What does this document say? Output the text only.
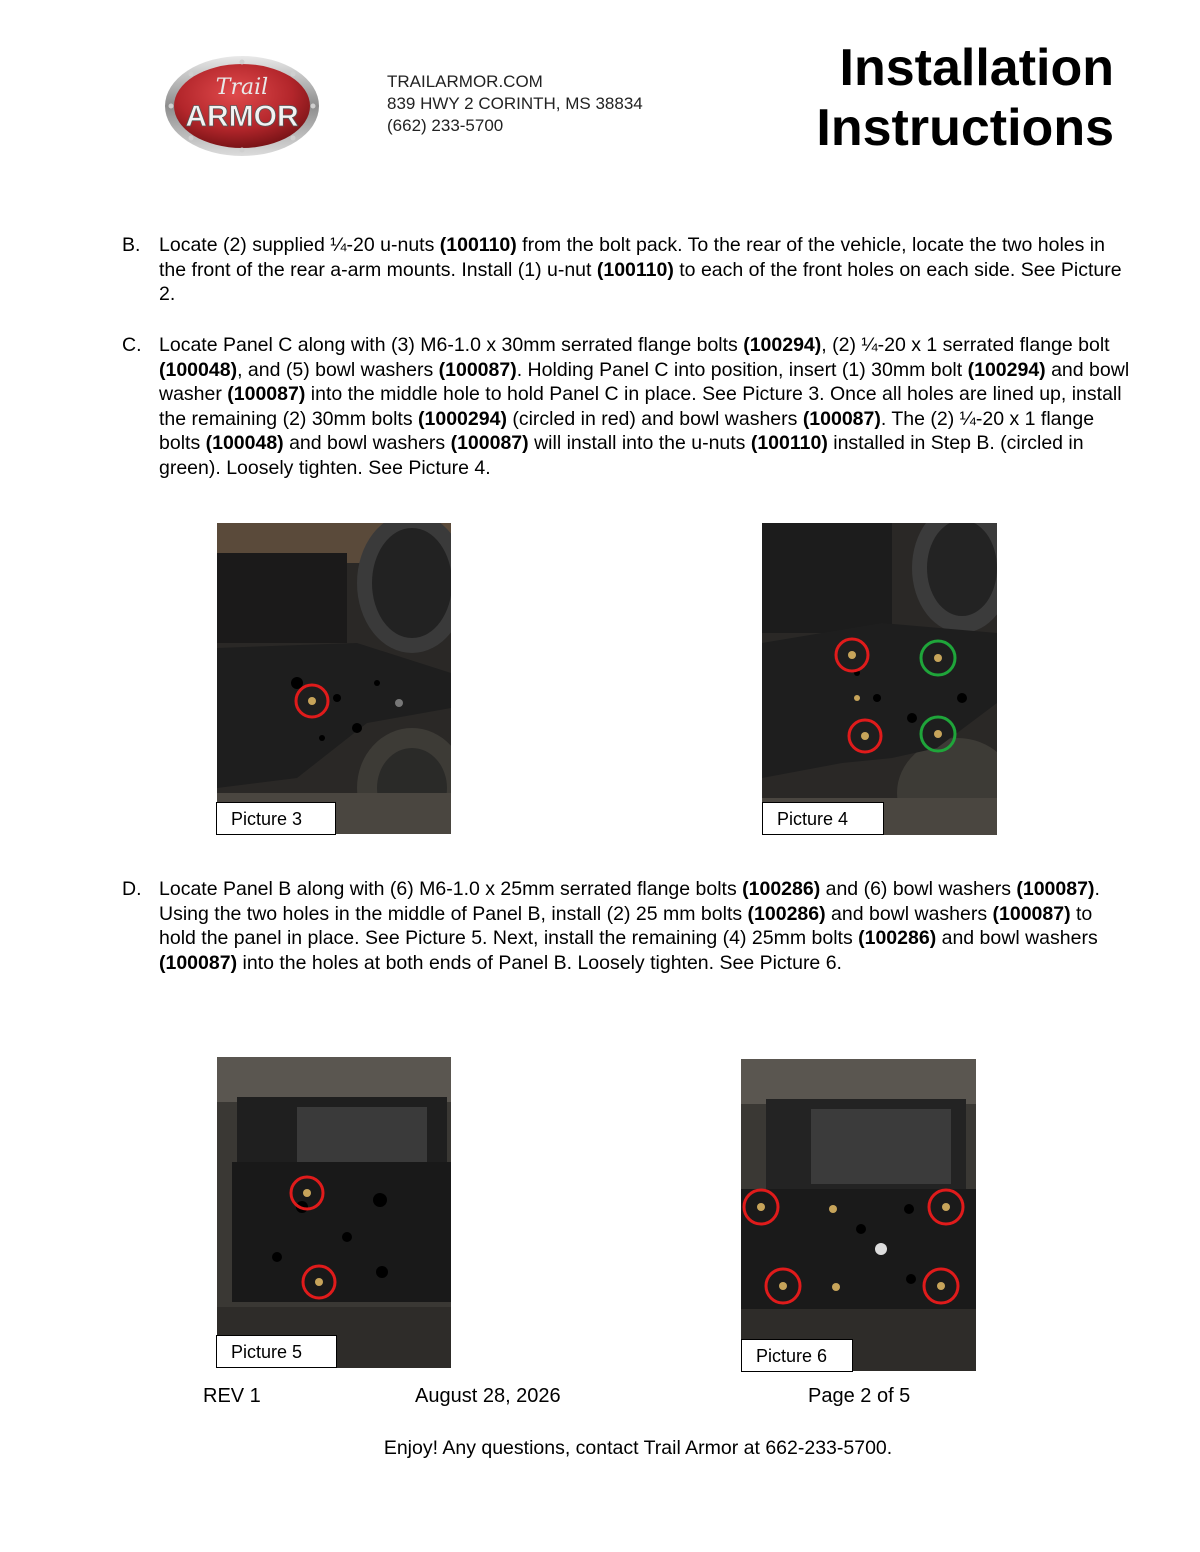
Trail
ARMOR
TRAILARMOR.COM
839 HWY 2 CORINTH, MS 38834
(662) 233-5700
Installation
Instructions
B. Locate (2) supplied ¼-20 u-nuts (100110) from the bolt pack. To the rear of the vehicle, locate the two holes in the front of the rear a-arm mounts. Install (1) u-nut (100110) to each of the front holes on each side. See Picture 2.
C. Locate Panel C along with (3) M6-1.0 x 30mm serrated flange bolts (100294), (2) ¼-20 x 1 serrated flange bolt (100048), and (5) bowl washers (100087). Holding Panel C into position, insert (1) 30mm bolt (100294) and bowl washer (100087) into the middle hole to hold Panel C in place. See Picture 3. Once all holes are lined up, install the remaining (2) 30mm bolts (1000294) (circled in red) and bowl washers (100087). The (2) ¼-20 x 1 flange bolts (100048) and bowl washers (100087) will install into the u-nuts (100110) installed in Step B. (circled in green). Loosely tighten. See Picture 4.
Picture 3	Picture 4
D. Locate Panel B along with (6) M6-1.0 x 25mm serrated flange bolts (100286) and (6) bowl washers (100087). Using the two holes in the middle of Panel B, install (2) 25 mm bolts (100286) and bowl washers (100087) to hold the panel in place. See Picture 5. Next, install the remaining (4) 25mm bolts (100286) and bowl washers (100087) into the holes at both ends of Panel B. Loosely tighten. See Picture 6.
Picture 5	Picture 6
REV 1	August 28, 2026	Page 2 of 5
Enjoy! Any questions, contact Trail Armor at 662-233-5700.
